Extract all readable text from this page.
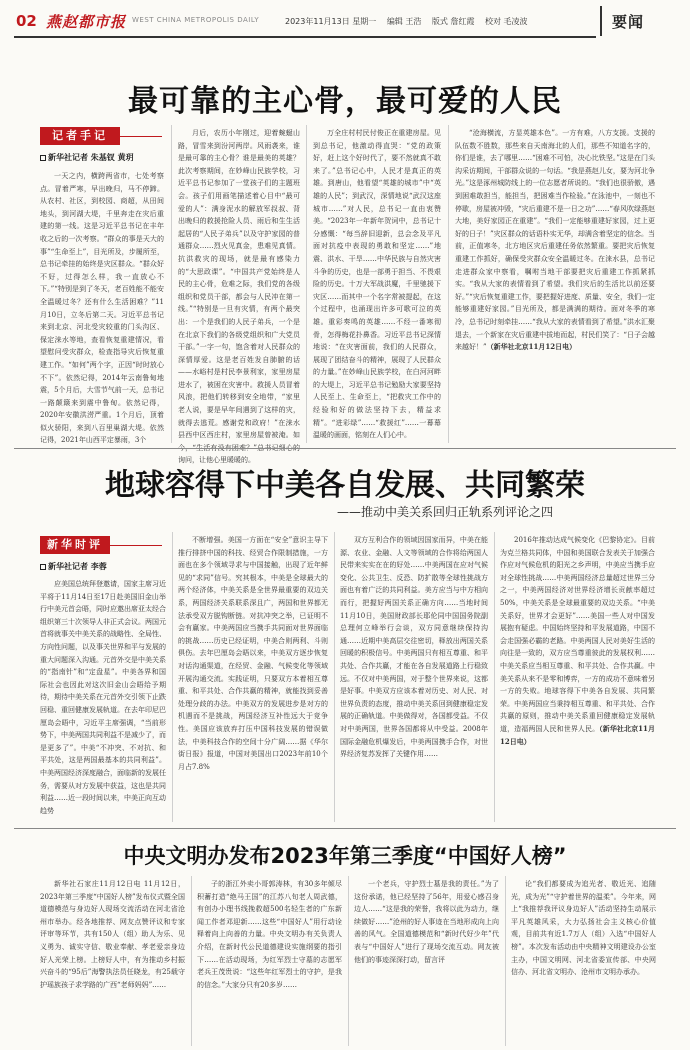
02 燕赵都市报 WEST CHINA METROPOLIS DAILY	2023年11月13日 星期一 编辑 王浩 版式 詹红霞 校对 毛凌波	要闻
最可靠的主心骨，最可爱的人民
记者手记
新华社记者 朱基钗 黄玥

一天之内，横跨两省市，七处考察点。冒着严寒，早出晚归，马不停蹄。从农村、社区，到校园、商超，从田间地头，到河湖大堤，千里奔走在灾后重建的第一线。这是习近平总书记在丰年收之后的一次考察。“群众的事是天大的事”“生命至上”，目光所及，步履所至，总书记牵挂的始终是灾区群众。“群众好不好，过得怎么样，我一直放心不下。”“特别是到了冬天，老百姓能不能安全温暖过冬？还有什么生活困难？”11月10日，立冬后第二天。习近平总书记来到北京、河北受灾较重的门头沟区、保定涞水等地，查看恢复重建情况，看望慰问受灾群众，检查指导灾后恢复重建工作。“如何”两个字，正因“时时放心不下”。依然记得，2014年云南鲁甸地震，5个月后，大雪节气前一天，总书记一路颠簸来到震中鲁甸。依然记得，2020年安徽洪涝严重。1个月后，顶着似火骄阳，来到八百里巢湖大堤。依然记得，2021年山西平定暴雨，3个

月后，农历小年刚过，迎着蜿蜒山路，冒雪来到汾河两岸。风雨袭来，谁是最可靠的主心骨？谁是最美的英雄？此次考察期间，在妙峰山民族学校，习近平总书记参加了一堂孩子们的主题班会。孩子们用画笔描述着心目中“最可爱的人”：满身泥水的解放军叔叔、背出晚归的救援抢险人员、雨后和生生活起居的“人民子弟兵”以及守护家园的普通群众……烈火见真金，患难见真情。抗洪救灾的现场，就是最有感染力的“大思政课”。“中国共产党始终是人民的主心骨，危难之际，我们党的各级组织和党员干部，都会与人民冲在第一线。”“特别是一旦有灾情，有两个最突出：一个是我们的人民子弟兵，一个是在北京下我们的各级党组织和广大党员干部。”一字一句，饱含着对人民群众的深情厚爱。这是老百姓发自肺腑的话——水峪村是村民李景利家，家里房屋进水了，被困在灾害中。救援人员冒着风浪，把他们转移到安全地带，“家里老人说，要是早年间遇到了这样的灾，就得去逃荒。感谢党和政府！”在涞水县西中区西庄村，家里房屋曾被淹。如 询问，让他心里暖暖的。

万全庄村村民付俊正在重建房屋。见到总书记，他激动得直哭：“党的政策好，赶上这个好时代了，要不然就真不敢来了。”总书记心中，人民才是真正的英雄。到唐山，他看望“英雄的城市”中“英雄的人民”；到武汉，深情地说“武汉这座城市……”对人民，总书记一直由衷赞美。“2023年一年新年贺词中，总书记十分感慨：“每当辞旧迎新，总会念及平凡面对抗疫中表现的勇敢和坚定……”地震、洪水、干旱……中华民族与自然灾害斗争的历史，也是一部勇于担当、不畏艰险的历史。十万大军战洪魔，千里驰援下灾区……而其中一个名字常被提起，在这个过程中，也涌现出许多可歌可泣的英雄。重彩奏鸣的英雄……不经一番寒彻骨，怎得梅花扑鼻香。习近平总书记深情地说：“在灾害面前，我们的人民群众，展现了团结奋斗的精神，展现了人民群众的力量。”在妙峰山民族学校，在白河河畔的大堤上，习近平总书记勉励大家要坚持人民至上、生命至上，“把救灾工作中的经验和好的做法坚持下去，精益求精”。“进彩绿”……“救援红”……一幕幕温暖的画面，铭刻在人们心中。

“沧海横流，方显英雄本色”。一方有难，八方支援。支援的队伍数不胜数，那些来自天南海北的人们，那些不知道名字的，你们是谁，去了哪里……“困难不可怕，决心比铁坚。”这是在门头沟采访期间，干部群众说的一句话。“我是燕赵儿女，要为河北争光。”这是涿州城防线上的一位志愿者所说的。“我们也很骄傲，遇到困难敢担当，能担当，把困难当作检验。”在泳池中，一刻也不停歇，房屋被冲毁，“灾后重建不是一日之功”……“春风吹绿燕赵大地，美好家园正在重建”。“我们一定能够重建好家园，过上更好的日子！”灾区群众的话语朴实无华，却满含着坚定的信念。当前，正值寒冬，北方地区灾后重建任务依然繁重。要把灾后恢复重建工作抓好，确保受灾群众安全温暖过冬。在涞水县，总书记走进群众家中察看，嘱咐当地干部要把灾后重建工作抓紧抓实。“我从大家的表情看到了希望。我们灾后的生活比以前还要好。”“灾后恢复重建工作，要把握好进度、质量、安全，我们一定能够重建好家园。”目光所及，都是满满的期待。面对冬季的寒冷，总书记时刻牵挂……“我从大家的表情看到了希望。”洪水汇聚退去，一个新家在灾后重建中拔地而起，村民们笑了：“日子会越来越好！”（新华社北京11月12日电）

地球容得下中美各自发展、共同繁荣
——推动中美关系回归正轨系列评论之四
新华时评
新华社记者 李蓉

应美国总统拜登邀请，国家主席习近平将于11月14日至17日赴美国旧金山举行中美元首会晤，同时应邀出席亚太经合组织第三十次领导人非正式会议。两国元首将就事关中美关系的战略性、全局性、方向性问题，以及事关世界和平与发展的重大问题深入沟通。元首外交是中美关系的“指南针”和“定盘星”。中美各界和国际社会也因此对这次旧金山会晤给予期待，期待中美关系在元首外交引领下止跌回稳、重回健康发展轨道。在去年印尼巴厘岛会晤中，习近平主席强调，“当前形势下，中美两国共同利益不是减少了，而是更多了”。中美“不冲突、不对抗、和平共处，这是两国最基本的共同利益”。中美两国经济深度融合，面临新的发展任务，需要从对方发展中获益，这也是共同利益……近一段时间以来，中美正向互动趋势

不断增强。美国一方面在“安全”意识主导下推行排挤中国的科技、经贸合作限制措施，一方面也在多个领域寻求与中国接触，出现了近年鲜见的“求同”信号。究其根本，中美是全球最大的两个经济体，中美关系是全世界最重要的双边关系，两国经济关系联系深且广，两国和世界都无法承受双方脱钩断链。对抗冲突之举，已证明不会有赢家。中美两国应当携手共同面对世界面临的挑战……历史已经证明，中美合则两利、斗则俱伤。去年巴厘岛会晤以来，中美双方逐步恢复对话沟通渠道，在经贸、金融、气候变化等领域开展沟通交流。实践证明，只要双方本着相互尊重、和平共处、合作共赢的精神，就能找到妥善处理分歧的办法。中美双方的发展进步是对方的机遇而不是挑战，两国经济互补性远大于竞争性。美国应该放弃打压中国科技发展的错误做法，中美科技合作的空间十分广阔……据《华尔街日报》报道，中国对美国出口2023年前10个月占7.8%

双方互利合作的领域因国家而异，中美在能源、农业、金融、人文等领域的合作将给两国人民带来实实在在的好处……中美两国在应对气候变化、公共卫生、反恐、防扩散等全球性挑战方面也有着广泛的共同利益。美方应当与中方相向而行，把握好两国关系正确方向……当地时间11月10日，美国财政部长耶伦同中国国务院副总理何立峰举行会谈，双方同意继续保持沟通……近期中美高层交往密切，释放出两国关系回暖的积极信号。中美两国只有相互尊重、和平共处、合作共赢，才能在各自发展道路上行稳致远。不仅对中美两国，对于整个世界来说，这都是好事。中美双方应该本着对历史、对人民、对世界负责的态度，推动中美关系回到健康稳定发展的正确轨道。中美做得对，各国都受益。不仅对中美两国，世界各国都将从中受益。2008年国际金融危机爆发后，中美两国携手合作，对世界经济复苏发挥了关键作用……

2016年推动达成气候变化《巴黎协定》。目前为克兰格共同体，中国和美国联合发表关于加强合作应对气候危机的阳光之乡声明，中美应当携手应对全球性挑战……中美两国经济总量超过世界三分之一，中美两国经济对世界经济增长贡献率超过50%，中美关系是全球最重要的双边关系。“中美关系好，世界才会更好”……美国一些人对中国发展抱有疑虑。中国始终坚持和平发展道路，中国不会走国强必霸的老路。中美两国人民对美好生活的向往是一致的，双方应当尊重彼此的发展权利……中美关系应当相互尊重、和平共处、合作共赢。中美关系从来不是零和博弈，一方的成功不意味着另一方的失败。地球容得下中美各自发展、共同繁荣。中美两国应当秉持相互尊重、和平共处、合作共赢的原则，推动中美关系重回健康稳定发展轨道，造福两国人民和世界人民。（新华社北京11月12日电）

中央文明办发布2023年第三季度“中国好人榜”

新华社石家庄11月12日电 11月12日，2023年第三季度“中国好人榜”发布仪式暨全国道德模范与身边好人现场交流活动在河北省沧州市举办。经各地推荐、网友点赞评议和专家评审等环节，共有150人（组）助人为乐、见义勇为、诚实守信、敬业奉献、孝老爱亲身边好人光荣上榜。上榜好人中，有为推动乡村振兴奋斗的“95后”海警执法员任晓龙，有25载守护瑶族孩子求学路的广西“老师妈妈”……

子的浙江外卖小哥郭涛林，有30多年倾尽积蓄打造“绝马王国”的江苏八旬老人周武德，有创办小理书线挽救超500名轻生者的广东新闻工作者邓迎新……这些“中国好人”用行动诠释着向上向善的力量。中央文明办有关负责人介绍，在新时代公民道德建设实施纲要的指引下……在活动现场，为红军烈士守墓的志愿军老兵王茂贵说：“这些年红军烈士的守护，是我的信念。”大家分只有20多岁……

一个老兵，守护烈士墓是我的责任。”为了这份承诺，他已经坚持了56年，用爱心感召身边人……“这是我的荣誉，我将以此为动力，继续做好……”沧州的好人事迹在当地形成向上向善的风气。全国道德模范和“新时代好少年”代表与“中国好人”进行了现场交流互动。网友被他们的事迹深深打动，留言评

论“我们都要成为追光者、敬近光、追随光，成为光”“守护着世界的温柔”。今年来，网上“我推荐我评议身边好人”活动坚持生动展示平凡英雄风采，大力弘扬社会主义核心价值观，目前共有近1.7万人（组）入选“中国好人榜”。本次发布活动由中央精神文明建设办公室主办，中国文明网、河北省委宣传部、中央网信办、河北省文明办、沧州市文明办承办。
